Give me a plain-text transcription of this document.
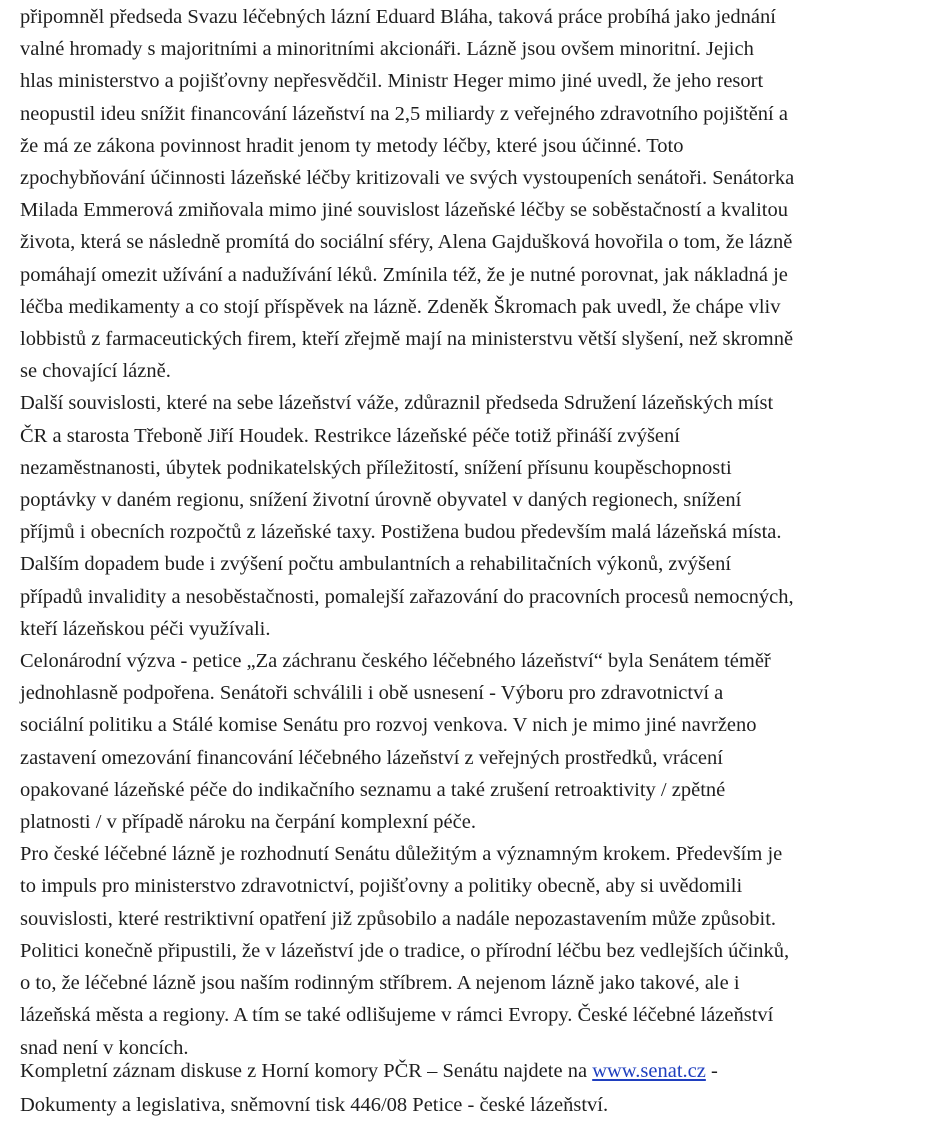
připomněl předseda Svazu léčebných lázní Eduard Bláha, taková práce probíhá jako jednání
valné hromady s majoritními a minoritními akcionáři. Lázně jsou ovšem minoritní. Jejich
hlas ministerstvo a pojišťovny nepřesvědčil. Ministr Heger mimo jiné uvedl, že jeho resort
neopustil ideu snížit financování lázeňství na 2,5 miliardy z veřejného zdravotního pojištění a
že má ze zákona povinnost hradit jenom ty metody léčby, které jsou účinné. Toto
zpochybňování účinnosti lázeňské léčby kritizovali ve svých vystoupeních senátoři. Senátorka
Milada Emmerová zmiňovala mimo jiné souvislost lázeňské léčby se soběstačností a kvalitou
života, která se následně promítá do sociální sféry, Alena Gajdušková hovořila o tom, že lázně
pomáhají omezit užívání a nadužívání léků. Zmínila též, že je nutné porovnat, jak nákladná je
léčba medikamenty a co stojí příspěvek na lázně. Zdeněk Škromach pak uvedl, že chápe vliv
lobbistů z farmaceutických firem, kteří zřejmě mají na ministerstvu větší slyšení, než skromně
se chovající lázně.
Další souvislosti, které na sebe lázeňství váže, zdůraznil předseda Sdružení lázeňských míst
ČR a starosta Třeboně Jiří Houdek. Restrikce lázeňské péče totiž přináší zvýšení
nezaměstnanosti, úbytek podnikatelských příležitostí, snížení přísunu koupěschopnosti
poptávky v daném regionu, snížení životní úrovně obyvatel v daných regionech, snížení
příjmů i obecních rozpočtů z lázeňské taxy. Postižena budou především malá lázeňská místa.
Dalším dopadem bude i zvýšení počtu ambulantních a rehabilitačních výkonů, zvýšení
případů invalidity a nesoběstačnosti, pomalejší zařazování do pracovních procesů nemocných,
kteří lázeňskou péči využívali.
Celonárodní výzva - petice „Za záchranu českého léčebného lázeňství“ byla Senátem téměř
jednohlasně podpořena. Senátoři schválili i obě usnesení - Výboru pro zdravotnictví a
sociální politiku a Stálé komise Senátu pro rozvoj venkova. V nich je mimo jiné navrženo
zastavení omezování financování léčebného lázeňství z veřejných prostředků, vrácení
opakované lázeňské péče do indikačního seznamu a také zrušení retroaktivity / zpětné
platnosti / v případě nároku na čerpání komplexní péče.
Pro české léčebné lázně je rozhodnutí Senátu důležitým a významným krokem. Především je
to impuls pro ministerstvo zdravotnictví, pojišťovny a politiky obecně, aby si uvědomili
souvislosti, které restriktivní opatření již způsobilo a nadále nepozastavením může způsobit.
Politici konečně připustili, že v lázeňství jde o tradice, o přírodní léčbu bez vedlejších účinků,
o to, že léčebné lázně jsou naším rodinným stříbrem. A nejenom lázně jako takové, ale i
lázeňská města a regiony. A tím se také odlišujeme v rámci Evropy. České léčebné lázeňství
snad není v koncích.
Kompletní záznam diskuse z Horní komory PČR – Senátu najdete na www.senat.cz -
Dokumenty a legislativa, sněmovní tisk 446/08 Petice - české lázeňství.
